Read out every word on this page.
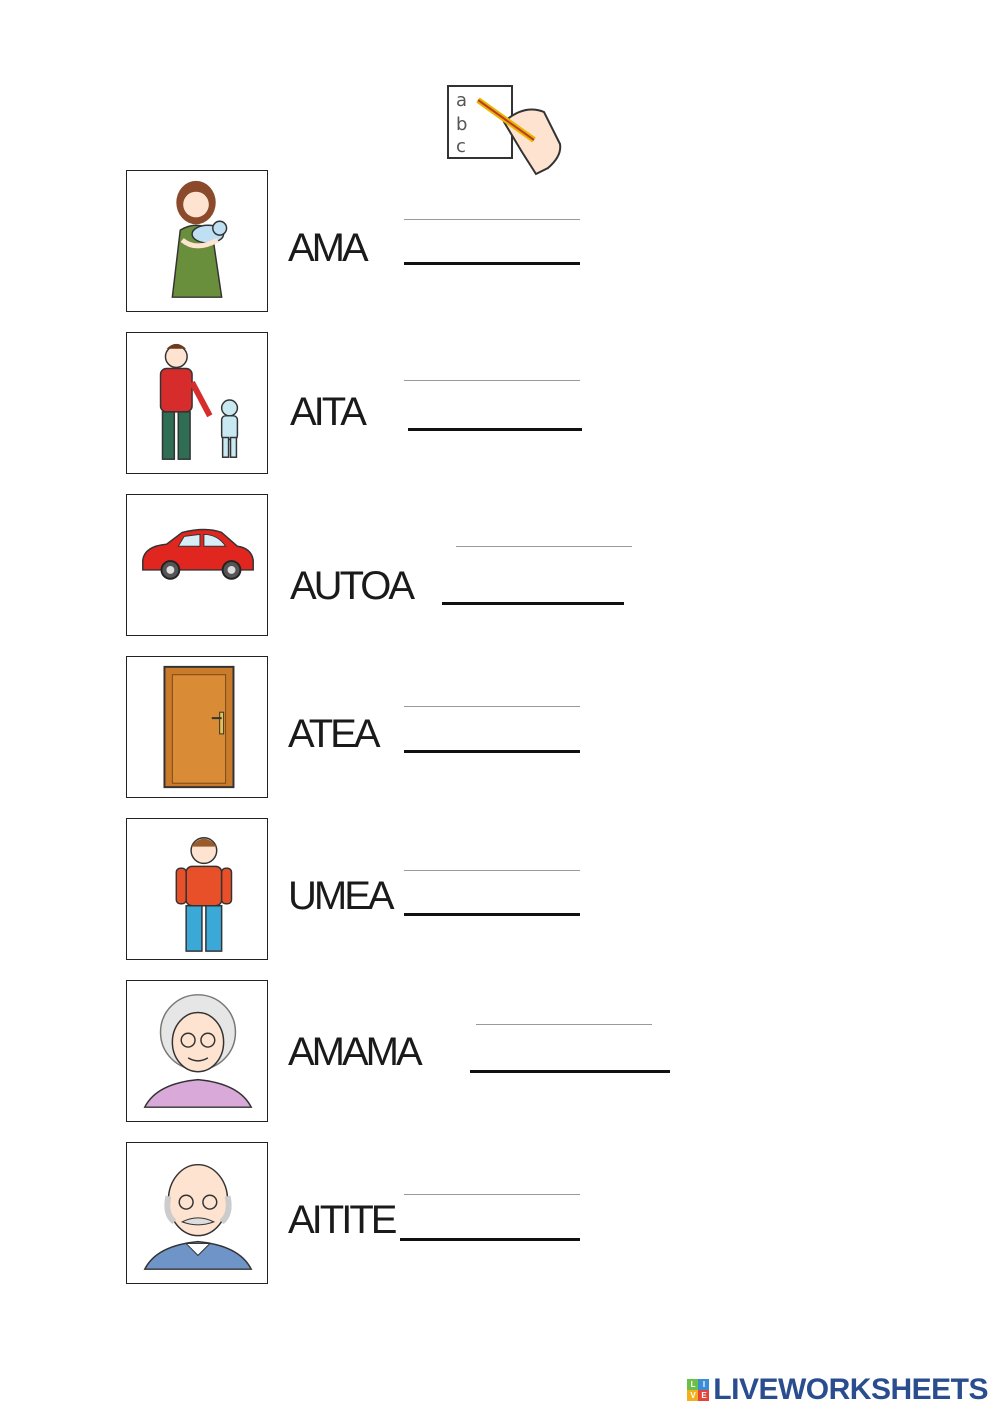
a
b
c
AMA
AITA
AUTOA
ATEA
UMEA
AMAMA
AITITE
L I
V E LIVEWORKSHEETS
